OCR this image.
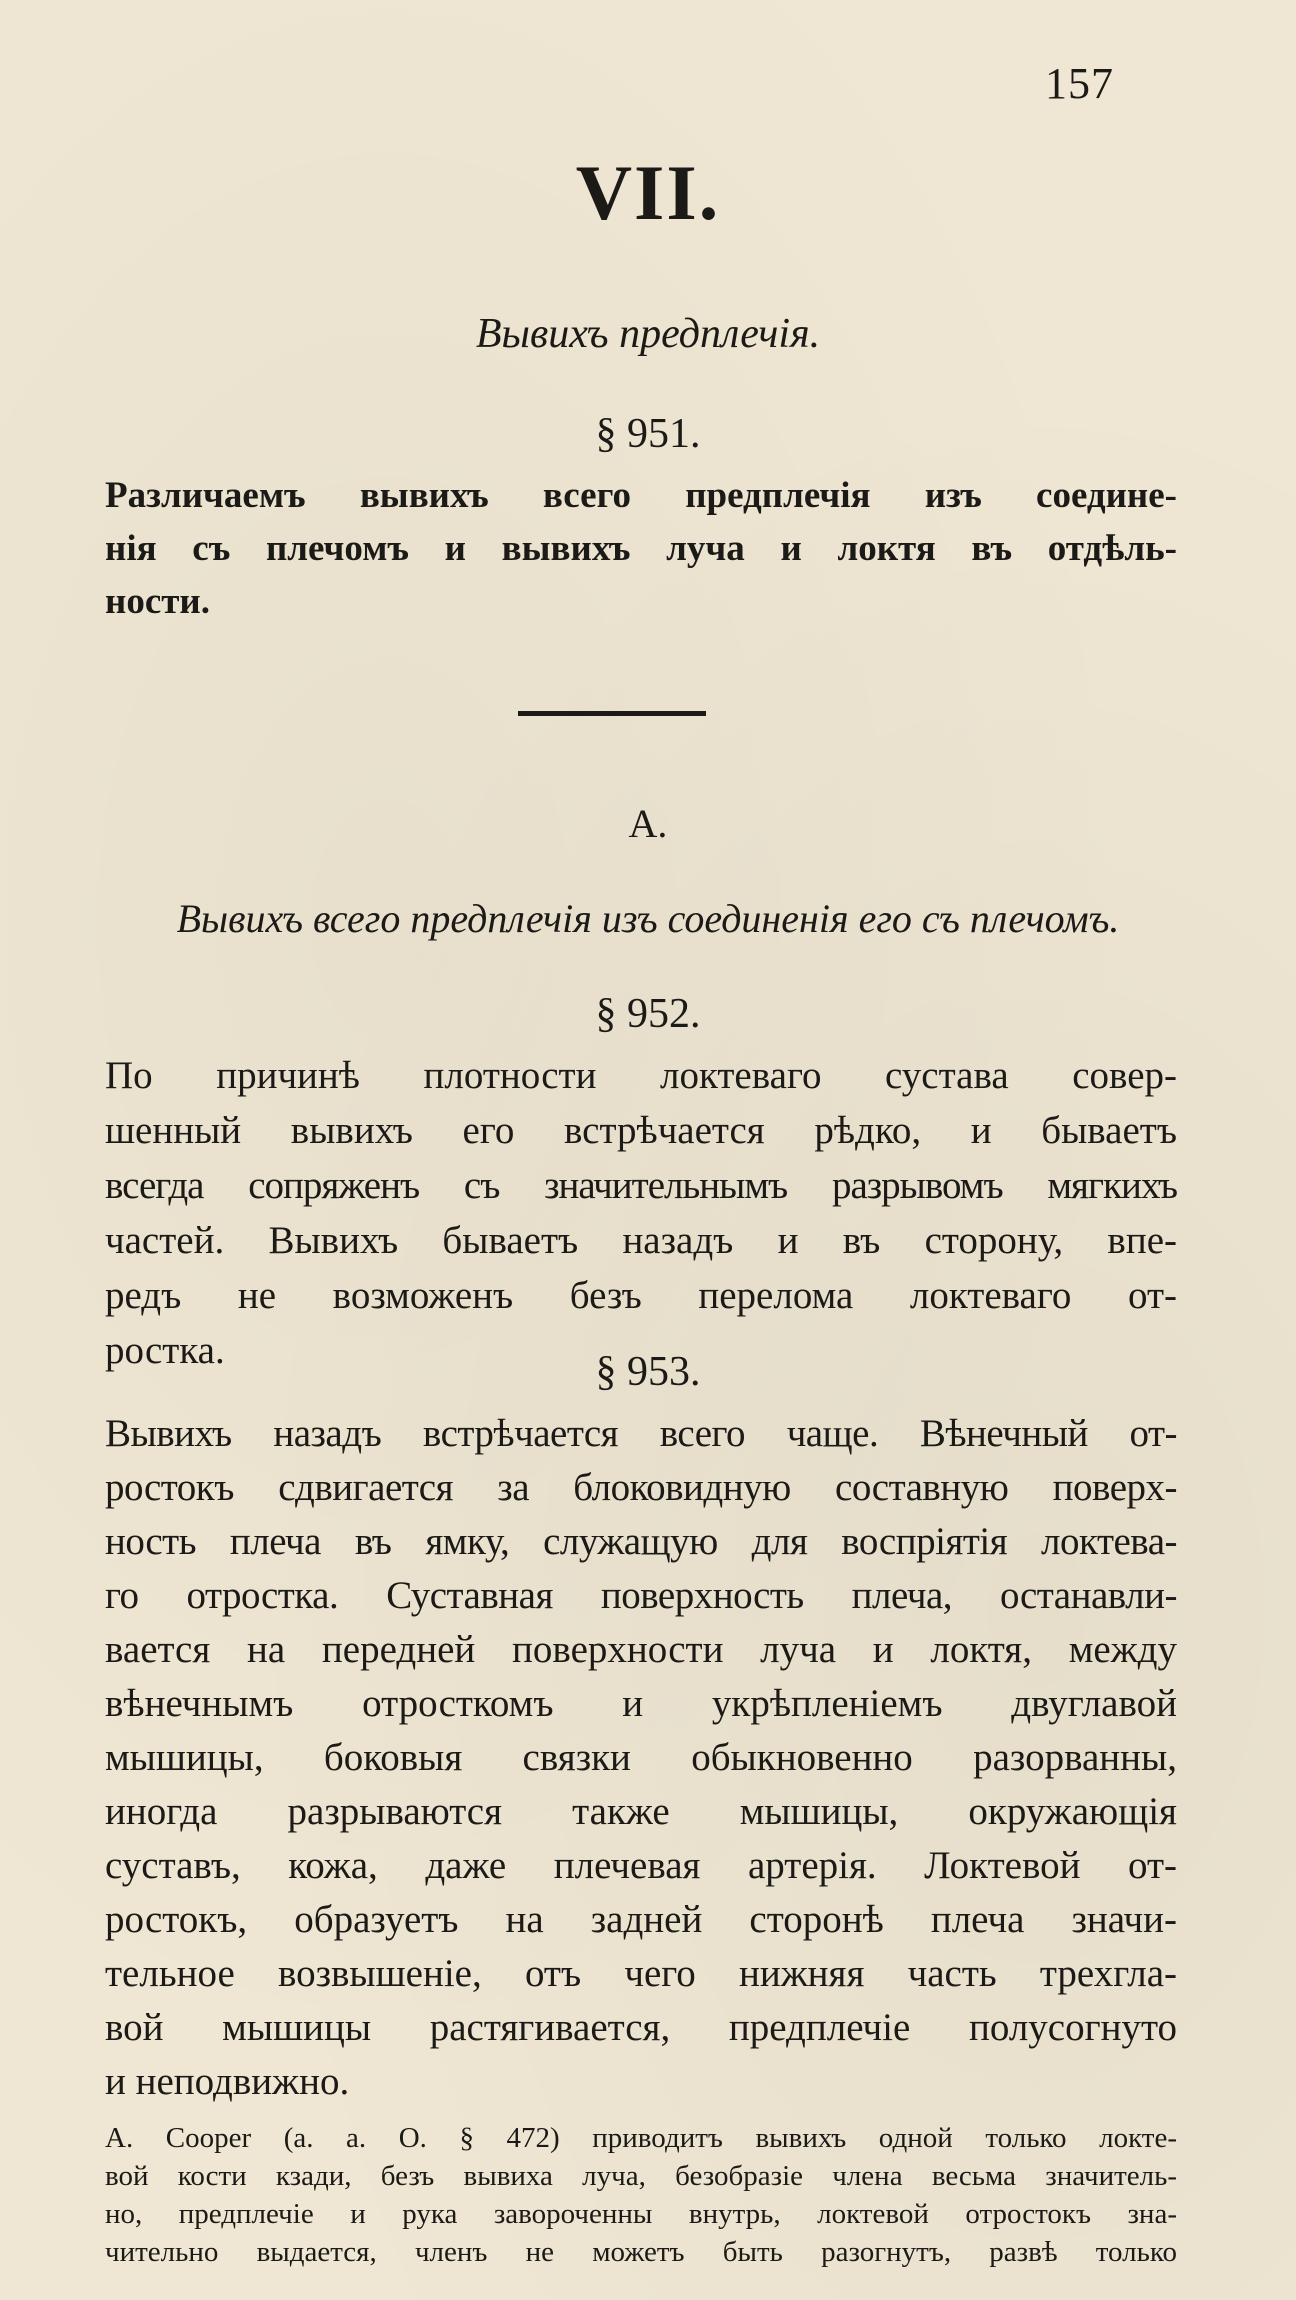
157
VII.
Вывихъ предплечія.
§ 951.
Различаемъ вывихъ всего предплечія изъ соедине-
нія съ плечомъ и вывихъ луча и локтя въ отдѣль-
ности.
A.
Вывихъ всего предплечія изъ соединенія его съ плечомъ.
§ 952.
По причинѣ плотности локтеваго сустава совер-
шенный вывихъ его встрѣчается рѣдко, и бываетъ
всегда сопряженъ съ значительнымъ разрывомъ мягкихъ
частей. Вывихъ бываетъ назадъ и въ сторону, впе-
редъ не возможенъ безъ перелома локтеваго от-
ростка.	§ 953.
Вывихъ назадъ встрѣчается всего чаще. Вѣнечный от-
ростокъ сдвигается за блоковидную составную поверх-
ность плеча въ ямку, служащую для воспріятія локтева-
го отростка. Суставная поверхность плеча, останавли-
вается на передней поверхности луча и локтя, между
вѣнечнымъ отросткомъ и укрѣпленіемъ двуглавой
мышицы, боковыя связки обыкновенно разорванны,
иногда разрываются также мышицы, окружающія
суставъ, кожа, даже плечевая артерія. Локтевой от-
ростокъ, образуетъ на задней сторонѣ плеча значи-
тельное возвышеніе, отъ чего нижняя часть трехгла-
вой мышицы растягивается, предплечіе полусогнуто
и неподвижно.
A. Cooper (a. a. O. § 472) приводитъ вывихъ одной только локте-
вой кости кзади, безъ вывиха луча, безобразіе члена весьма значитель-
но, предплечіе и рука завороченны внутрь, локтевой отростокъ зна-
чительно выдается, членъ не можетъ быть разогнутъ, развѣ только
